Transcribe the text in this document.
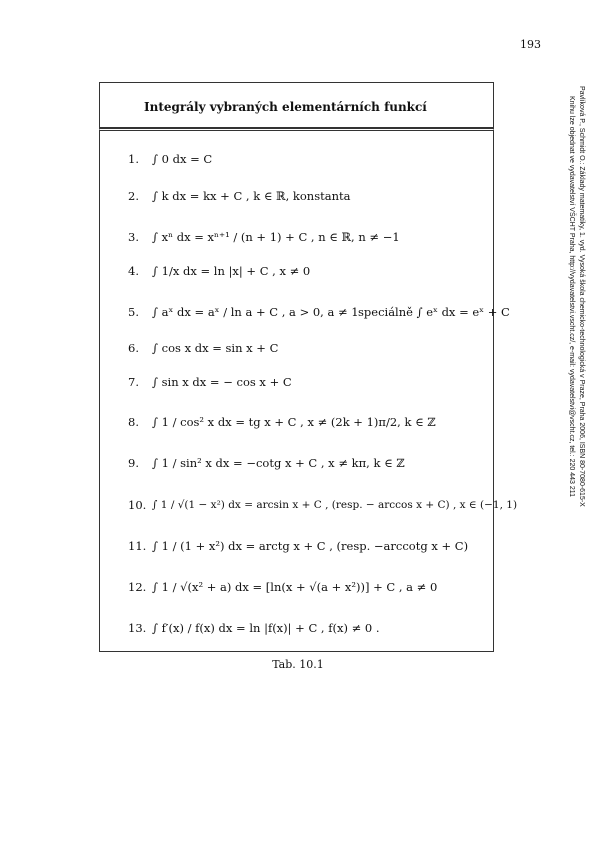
193
Pavlíková P., Schmidt O.: Základy matematiky, 1. vyd. Vysoká škola chemicko-technologická v Praze, Praha 2006, ISBN 80-7080-615-X
Knihu lze objednat ve vydavatelství VŠCHT Praha, http://vydavatelstvi.vscht.cz/, e-mail: vydavatelstvi@vscht.cz, tel.: 220 443 211
Integrály vybraných elementárních funkcí
1.	∫ 0 dx = C
2.	∫ k dx = kx + C , k ∈ ℝ, konstanta
3.	∫ xⁿ dx = xⁿ⁺¹ / (n + 1) + C , n ∈ ℝ, n ≠ −1
4.	∫ 1/x dx = ln |x| + C , x ≠ 0
5.	∫ aˣ dx = aˣ / ln a + C , a > 0, a ≠ 1 speciálně ∫ eˣ dx = eˣ + C
6.	∫ cos x dx = sin x + C
7.	∫ sin x dx = − cos x + C
8.	∫ 1 / cos² x dx = tg x + C , x ≠ (2k + 1)π/2, k ∈ ℤ
9.	∫ 1 / sin² x dx = −cotg x + C , x ≠ kπ, k ∈ ℤ
10. ∫ 1 / √(1 − x²) dx = arcsin x + C , (resp. − arccos x + C) , x ∈ (−1, 1)
11. ∫ 1 / (1 + x²) dx = arctg x + C , (resp. −arccotg x + C)
12. ∫ 1 / √(x² + a) dx = [ln(x + √(a + x²))] + C , a ≠ 0
13. ∫ f′(x) / f(x) dx = ln |f(x)| + C , f(x) ≠ 0 .
Tab. 10.1
